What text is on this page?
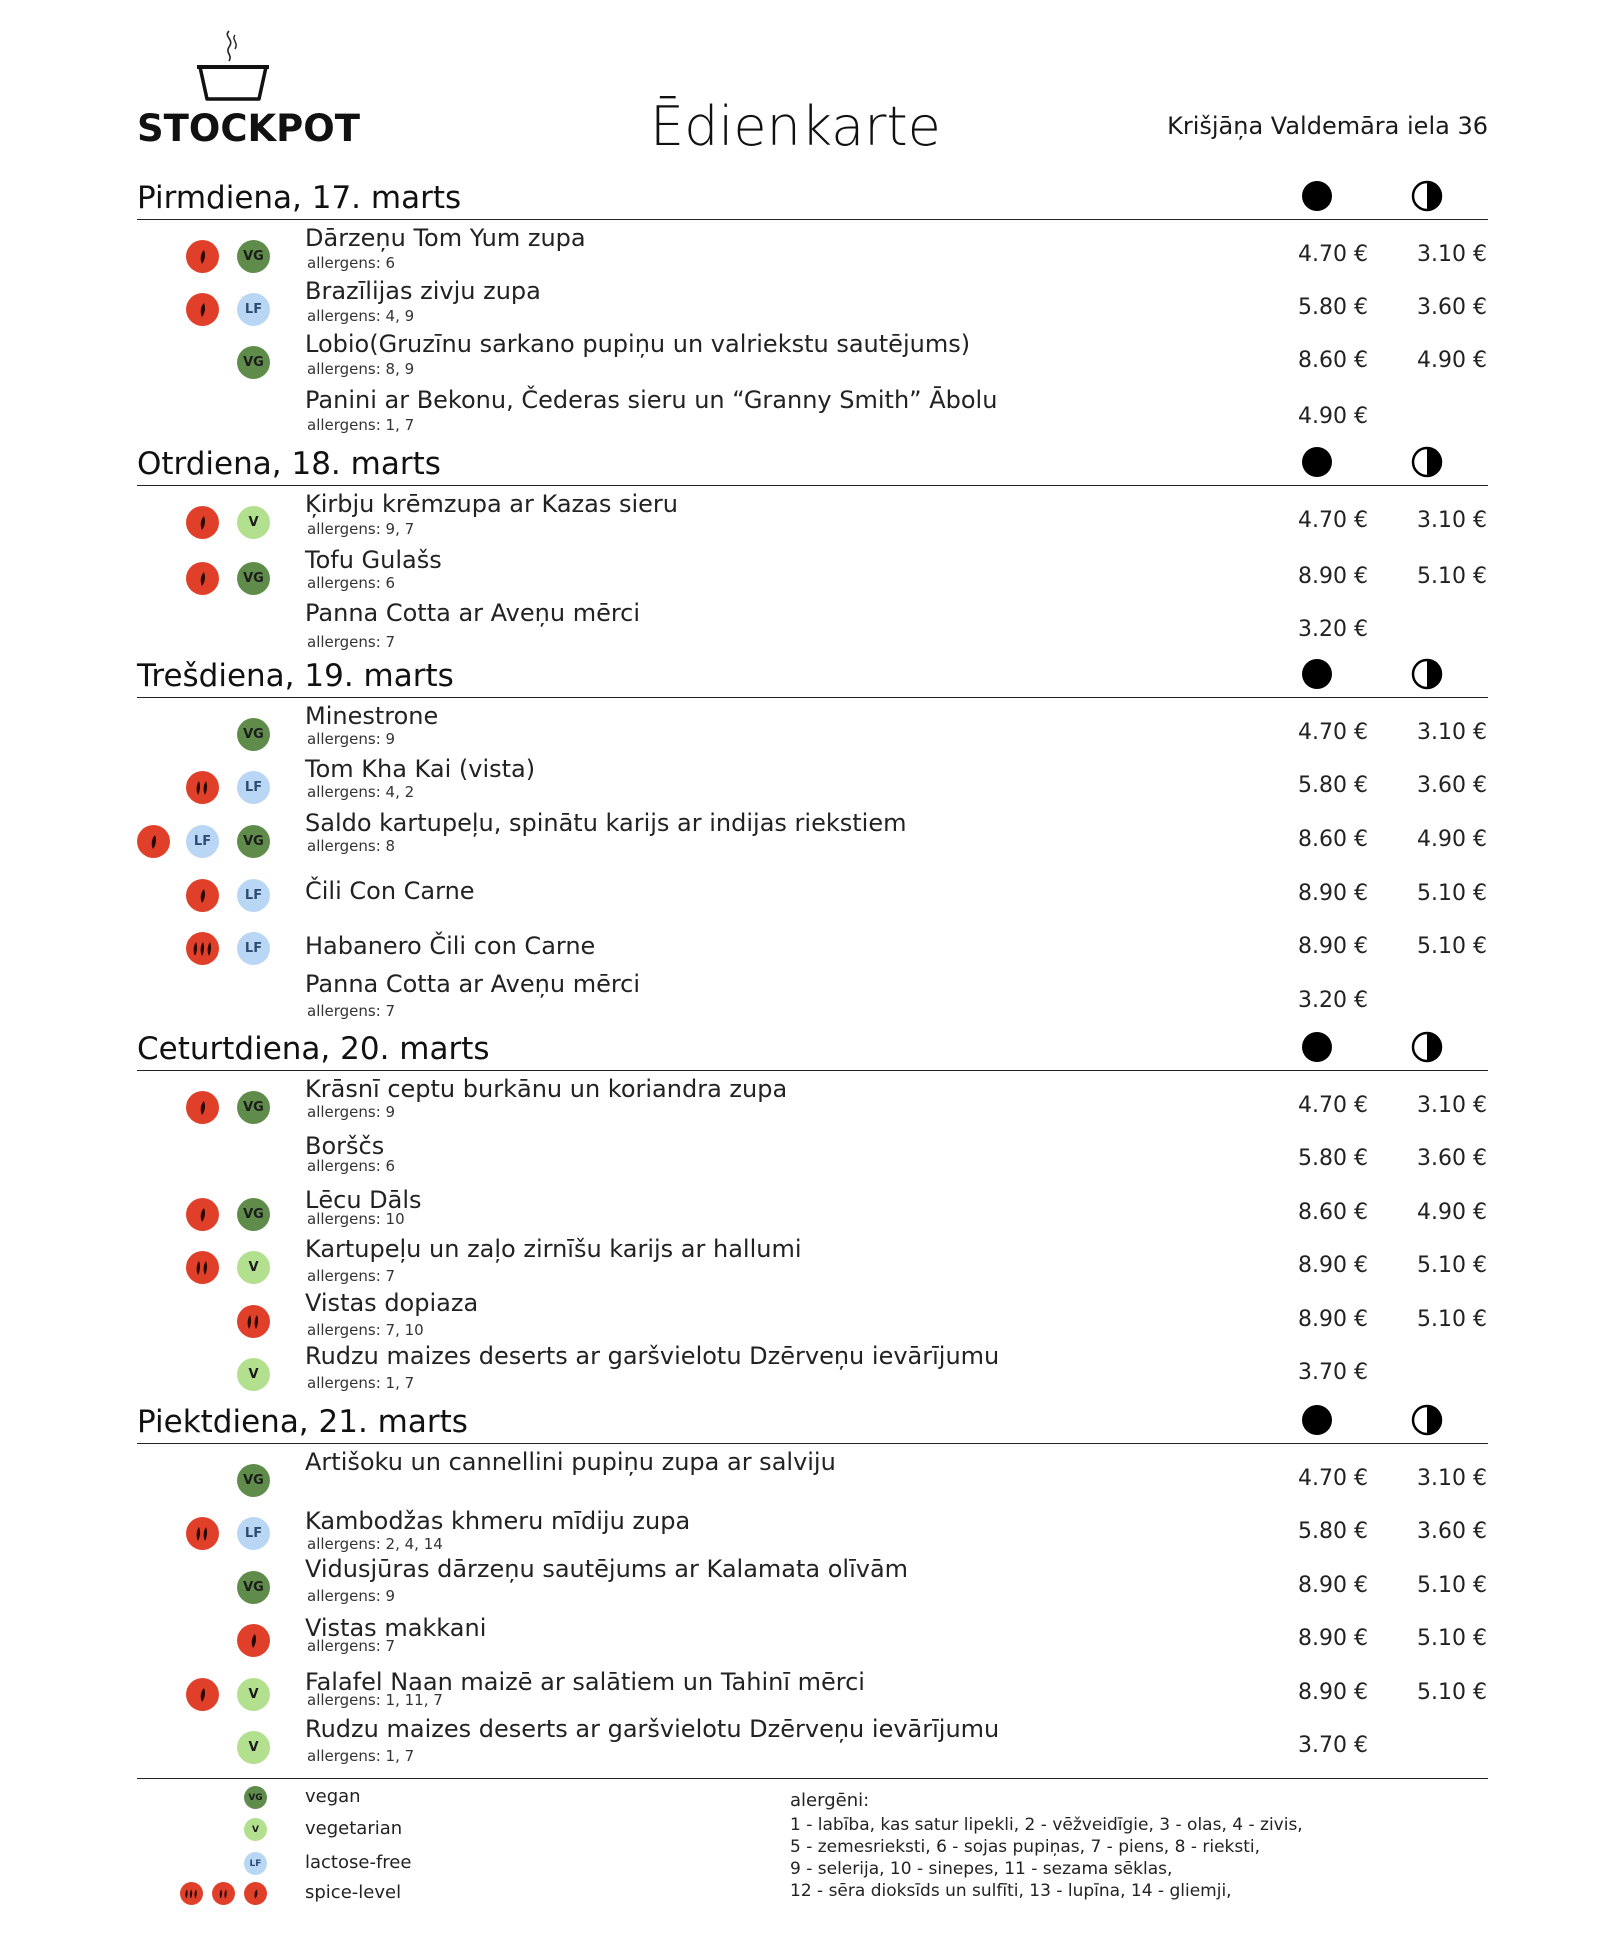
STOCKPOT	Ēdienkarte	Krišjāņa Valdemāra iela 36
Pirmdiena, 17. marts
VG
Dārzeņu Tom Yum zupa
allergens: 6	4.70 € 3.10 €
LF
Brazīlijas zivju zupa
allergens: 4, 9	5.80 € 3.60 €
VG
Lobio(Gruzīnu sarkano pupiņu un valriekstu sautējums)
allergens: 8, 9	8.60 € 4.90 €
Panini ar Bekonu, Čederas sieru un “Granny Smith” Ābolu
allergens: 1, 7	4.90 €
Otrdiena, 18. marts
V
Ķirbju krēmzupa ar Kazas sieru
allergens: 9, 7	4.70 € 3.10 €
VG
Tofu Gulašs
allergens: 6	8.90 € 5.10 €
Panna Cotta ar Aveņu mērci
allergens: 7	3.20 €
Trešdiena, 19. marts
VG
Minestrone
allergens: 9	4.70 € 3.10 €
LF
Tom Kha Kai (vista)
allergens: 4, 2	5.80 € 3.60 €
LF	VG
Saldo kartupeļu, spinātu karijs ar indijas riekstiem
allergens: 8	8.60 € 4.90 €
LF	Čili Con Carne	8.90 € 5.10 €
LF	Habanero Čili con Carne	8.90 € 5.10 €
Panna Cotta ar Aveņu mērci
allergens: 7	3.20 €
Ceturtdiena, 20. marts
VG
Krāsnī ceptu burkānu un koriandra zupa
allergens: 9	4.70 € 3.10 €
Borščs
allergens: 6	5.80 € 3.60 €
VG
Lēcu Dāls
allergens: 10	8.60 € 4.90 €
V
Kartupeļu un zaļo zirnīšu karijs ar hallumi
allergens: 7	8.90 € 5.10 €
Vistas dopiaza
allergens: 7, 10	8.90 € 5.10 €
V
Rudzu maizes deserts ar garšvielotu Dzērveņu ievārījumu
allergens: 1, 7	3.70 €
Piektdiena, 21. marts
VG
Artišoku un cannellini pupiņu zupa ar salviju
4.70 € 3.10 €
LF	Kambodžas khmeru mīdiju zupa
allergens: 2, 4, 14	5.80 € 3.60 €
VG
Vidusjūras dārzeņu sautējums ar Kalamata olīvām
allergens: 9	8.90 € 5.10 €
Vistas makkani
allergens: 7	8.90 € 5.10 €
V	Falafel Naan maizē ar salātiem un Tahinī mērci
allergens: 1, 11, 7	8.90 € 5.10 €
V
Rudzu maizes deserts ar garšvielotu Dzērveņu ievārījumu
allergens: 1, 7	3.70 €
VG vegan
V	vegetarian
LF	lactose-free
spice-level
alergēni:
1 - labība, kas satur lipekli, 2 - vēžveidīgie, 3 - olas, 4 - zivis,
5 - zemesrieksti, 6 - sojas pupiņas, 7 - piens, 8 - rieksti,
9 - selerija, 10 - sinepes, 11 - sezama sēklas,
12 - sēra dioksīds un sulfīti, 13 - lupīna, 14 - gliemji,
